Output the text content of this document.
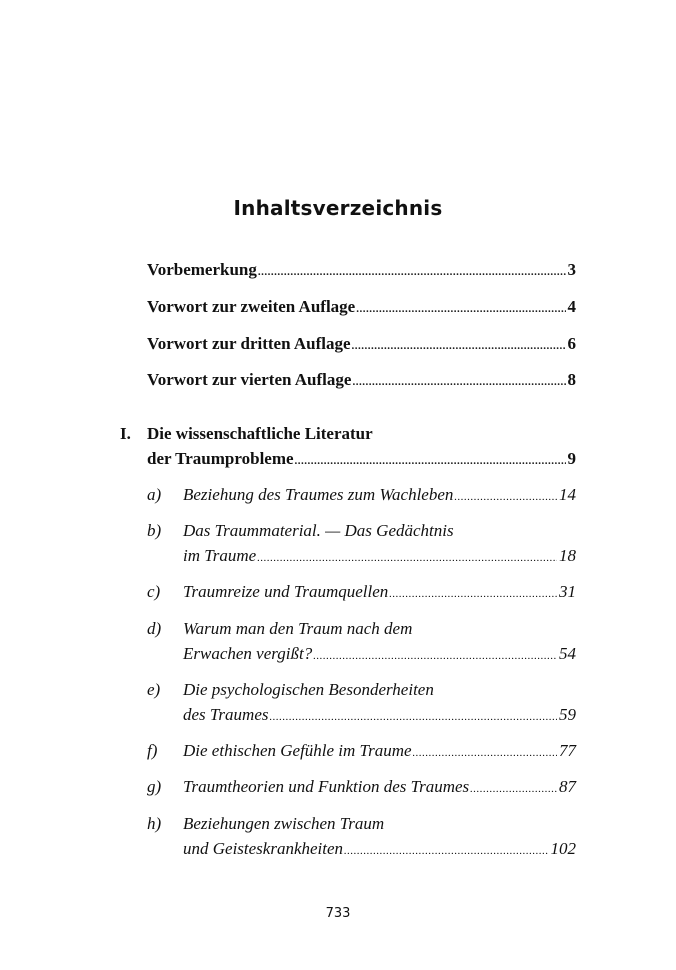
Inhaltsverzeichnis
Vorbemerkung .....	3
Vorwort zur zweiten Auflage .....	4
Vorwort zur dritten Auflage .....	6
Vorwort zur vierten Auflage .....	8
I. Die wissenschaftliche Literatur
der Traumprobleme .....	9
a) Beziehung des Traumes zum Wachleben .....	14
b) Das Traummaterial. — Das Gedächtnis
im Traume .....	18
c) Traumreize und Traumquellen .....	31
d) Warum man den Traum nach dem
Erwachen vergißt? .....	54
e) Die psychologischen Besonderheiten
des Traumes .....	59
f) Die ethischen Gefühle im Traume .....	77
g) Traumtheorien und Funktion des Traumes .....	87
h) Beziehungen zwischen Traum
und Geisteskrankheiten .....	102
733
